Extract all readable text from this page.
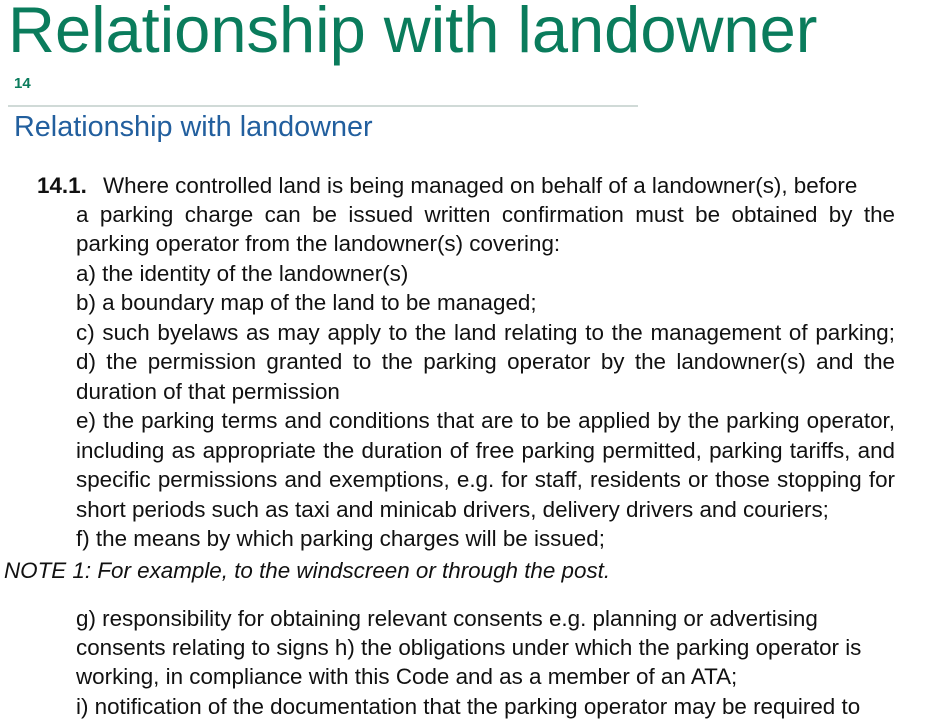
Relationship with landowner
14
Relationship with landowner
14.1. Where controlled land is being managed on behalf of a landowner(s), before
a parking charge can be issued written confirmation must be obtained by the
parking operator from the landowner(s) covering:
a) the identity of the landowner(s)
b) a boundary map of the land to be managed;
c) such byelaws as may apply to the land relating to the management of parking;
d) the permission granted to the parking operator by the landowner(s) and the
duration of that permission
e) the parking terms and conditions that are to be applied by the parking operator,
including as appropriate the duration of free parking permitted, parking tariffs, and
specific permissions and exemptions, e.g. for staff, residents or those stopping for
short periods such as taxi and minicab drivers, delivery drivers and couriers;
f) the means by which parking charges will be issued;
NOTE 1: For example, to the windscreen or through the post.
g) responsibility for obtaining relevant consents e.g. planning or advertising
consents relating to signs h) the obligations under which the parking operator is
working, in compliance with this Code and as a member of an ATA;
i) notification of the documentation that the parking operator may be required to
